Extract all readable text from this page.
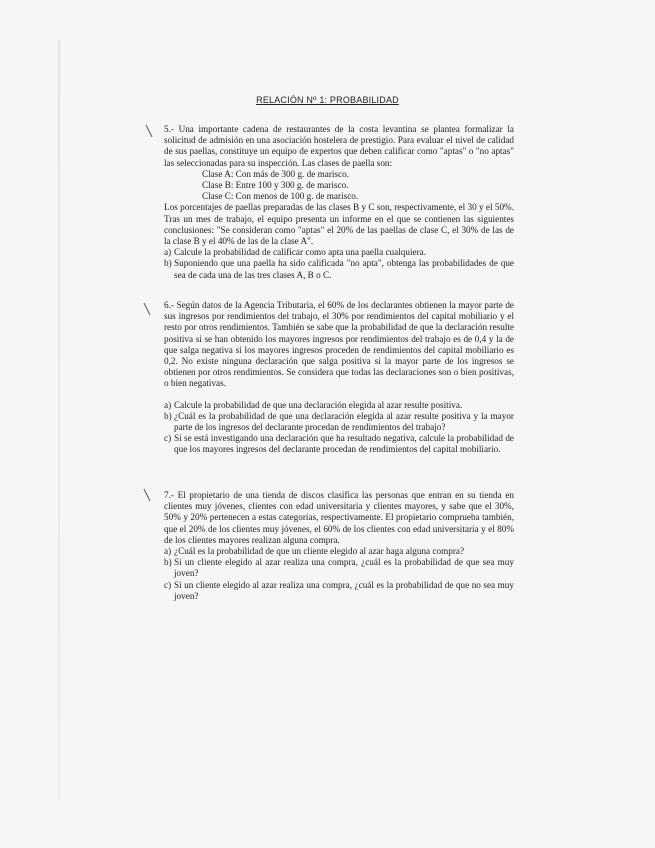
RELACIÓN Nº 1: PROBABILIDAD

5.- Una importante cadena de restaurantes de la costa levantina se plantea formalizar la solicitud de admisión en una asociación hostelera de prestigio. Para evaluar el nivel de calidad de sus paellas, constituye un equipo de expertos que deben calificar como "aptas" o "no aptas" las seleccionadas para su inspección. Las clases de paella son:

Clase A: Con más de 300 g. de marisco.

Clase B: Entre 100 y 300 g. de marisco.

Clase C: Con menos de 100 g. de marisco.

Los porcentajes de paellas preparadas de las clases B y C son, respectivamente, el 30 y el 50%. Tras un mes de trabajo, el equipo presenta un informe en el que se contienen las siguientes conclusiones: "Se consideran como "aptas" el 20% de las paellas de clase C, el 30% de las de la clase B y el 40% de las de la clase A".

a) Calcule la probabilidad de calificar como apta una paella cualquiera.
b) Suponiendo que una paella ha sido calificada "no apta", obtenga las probabilidades de que sea de cada una de las tres clases A, B o C.

6.- Según datos de la Agencia Tributaria, el 60% de los declarantes obtienen la mayor parte de sus ingresos por rendimientos del trabajo, el 30% por rendimientos del capital mobiliario y el resto por otros rendimientos. También se sabe que la probabilidad de que la declaración resulte positiva si se han obtenido los mayores ingresos por rendimientos del trabajo es de 0,4 y la de que salga negativa si los mayores ingresos proceden de rendimientos del capital mobiliario es 0,2. No existe ninguna declaración que salga positiva si la mayor parte de los ingresos se obtienen por otros rendimientos. Se considera que todas las declaraciones son o bien positivas, o bien negativas.

a) Calcule la probabilidad de que una declaración elegida al azar resulte positiva.
b) ¿Cuál es la probabilidad de que una declaración elegida al azar resulte positiva y la mayor parte de los ingresos del declarante procedan de rendimientos del trabajo?
c) Si se está investigando una declaración que ha resultado negativa, calcule la probabilidad de que los mayores ingresos del declarante procedan de rendimientos del capital mobiliario.

7.- El propietario de una tienda de discos clasifica las personas que entran en su tienda en clientes muy jóvenes, clientes con edad universitaria y clientes mayores, y sabe que el 30%, 50% y 20% pertenecen a estas categorías, respectivamente. El propietario comprueba también, que el 20% de los clientes muy jóvenes, el 60% de los clientes con edad universitaria y el 80% de los clientes mayores realizan alguna compra.

a) ¿Cuál es la probabilidad de que un cliente elegido al azar haga alguna compra?
b) Si un cliente elegido al azar realiza una compra, ¿cuál es la probabilidad de que sea muy joven?
c) Si un cliente elegido al azar realiza una compra, ¿cuál es la probabilidad de que no sea muy joven?
